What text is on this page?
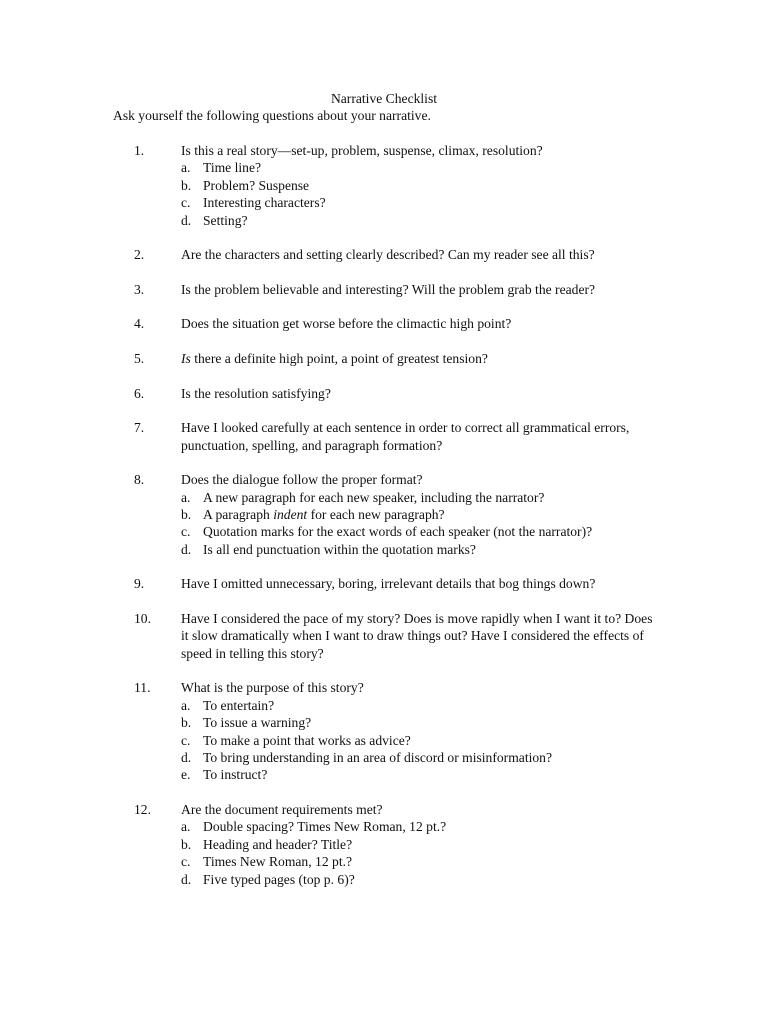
Narrative Checklist
Ask yourself the following questions about your narrative.
1.	Is this a real story—set-up, problem, suspense, climax, resolution?
a. Time line?
b. Problem? Suspense
c. Interesting characters?
d. Setting?
2.	Are the characters and setting clearly described? Can my reader see all this?
3.	Is the problem believable and interesting? Will the problem grab the reader?
4.	Does the situation get worse before the climactic high point?
5.	Is there a definite high point, a point of greatest tension?
6.	Is the resolution satisfying?
7.	Have I looked carefully at each sentence in order to correct all grammatical errors, punctuation, spelling, and paragraph formation?
8.	Does the dialogue follow the proper format?
a. A new paragraph for each new speaker, including the narrator?
b. A paragraph indent for each new paragraph?
c. Quotation marks for the exact words of each speaker (not the narrator)?
d. Is all end punctuation within the quotation marks?
9.	Have I omitted unnecessary, boring, irrelevant details that bog things down?
10.	Have I considered the pace of my story? Does is move rapidly when I want it to? Does it slow dramatically when I want to draw things out? Have I considered the effects of speed in telling this story?
11.	What is the purpose of this story?
a. To entertain?
b. To issue a warning?
c. To make a point that works as advice?
d. To bring understanding in an area of discord or misinformation?
e. To instruct?
12.	Are the document requirements met?
a. Double spacing? Times New Roman, 12 pt.?
b. Heading and header? Title?
c. Times New Roman, 12 pt.?
d. Five typed pages (top p. 6)?
